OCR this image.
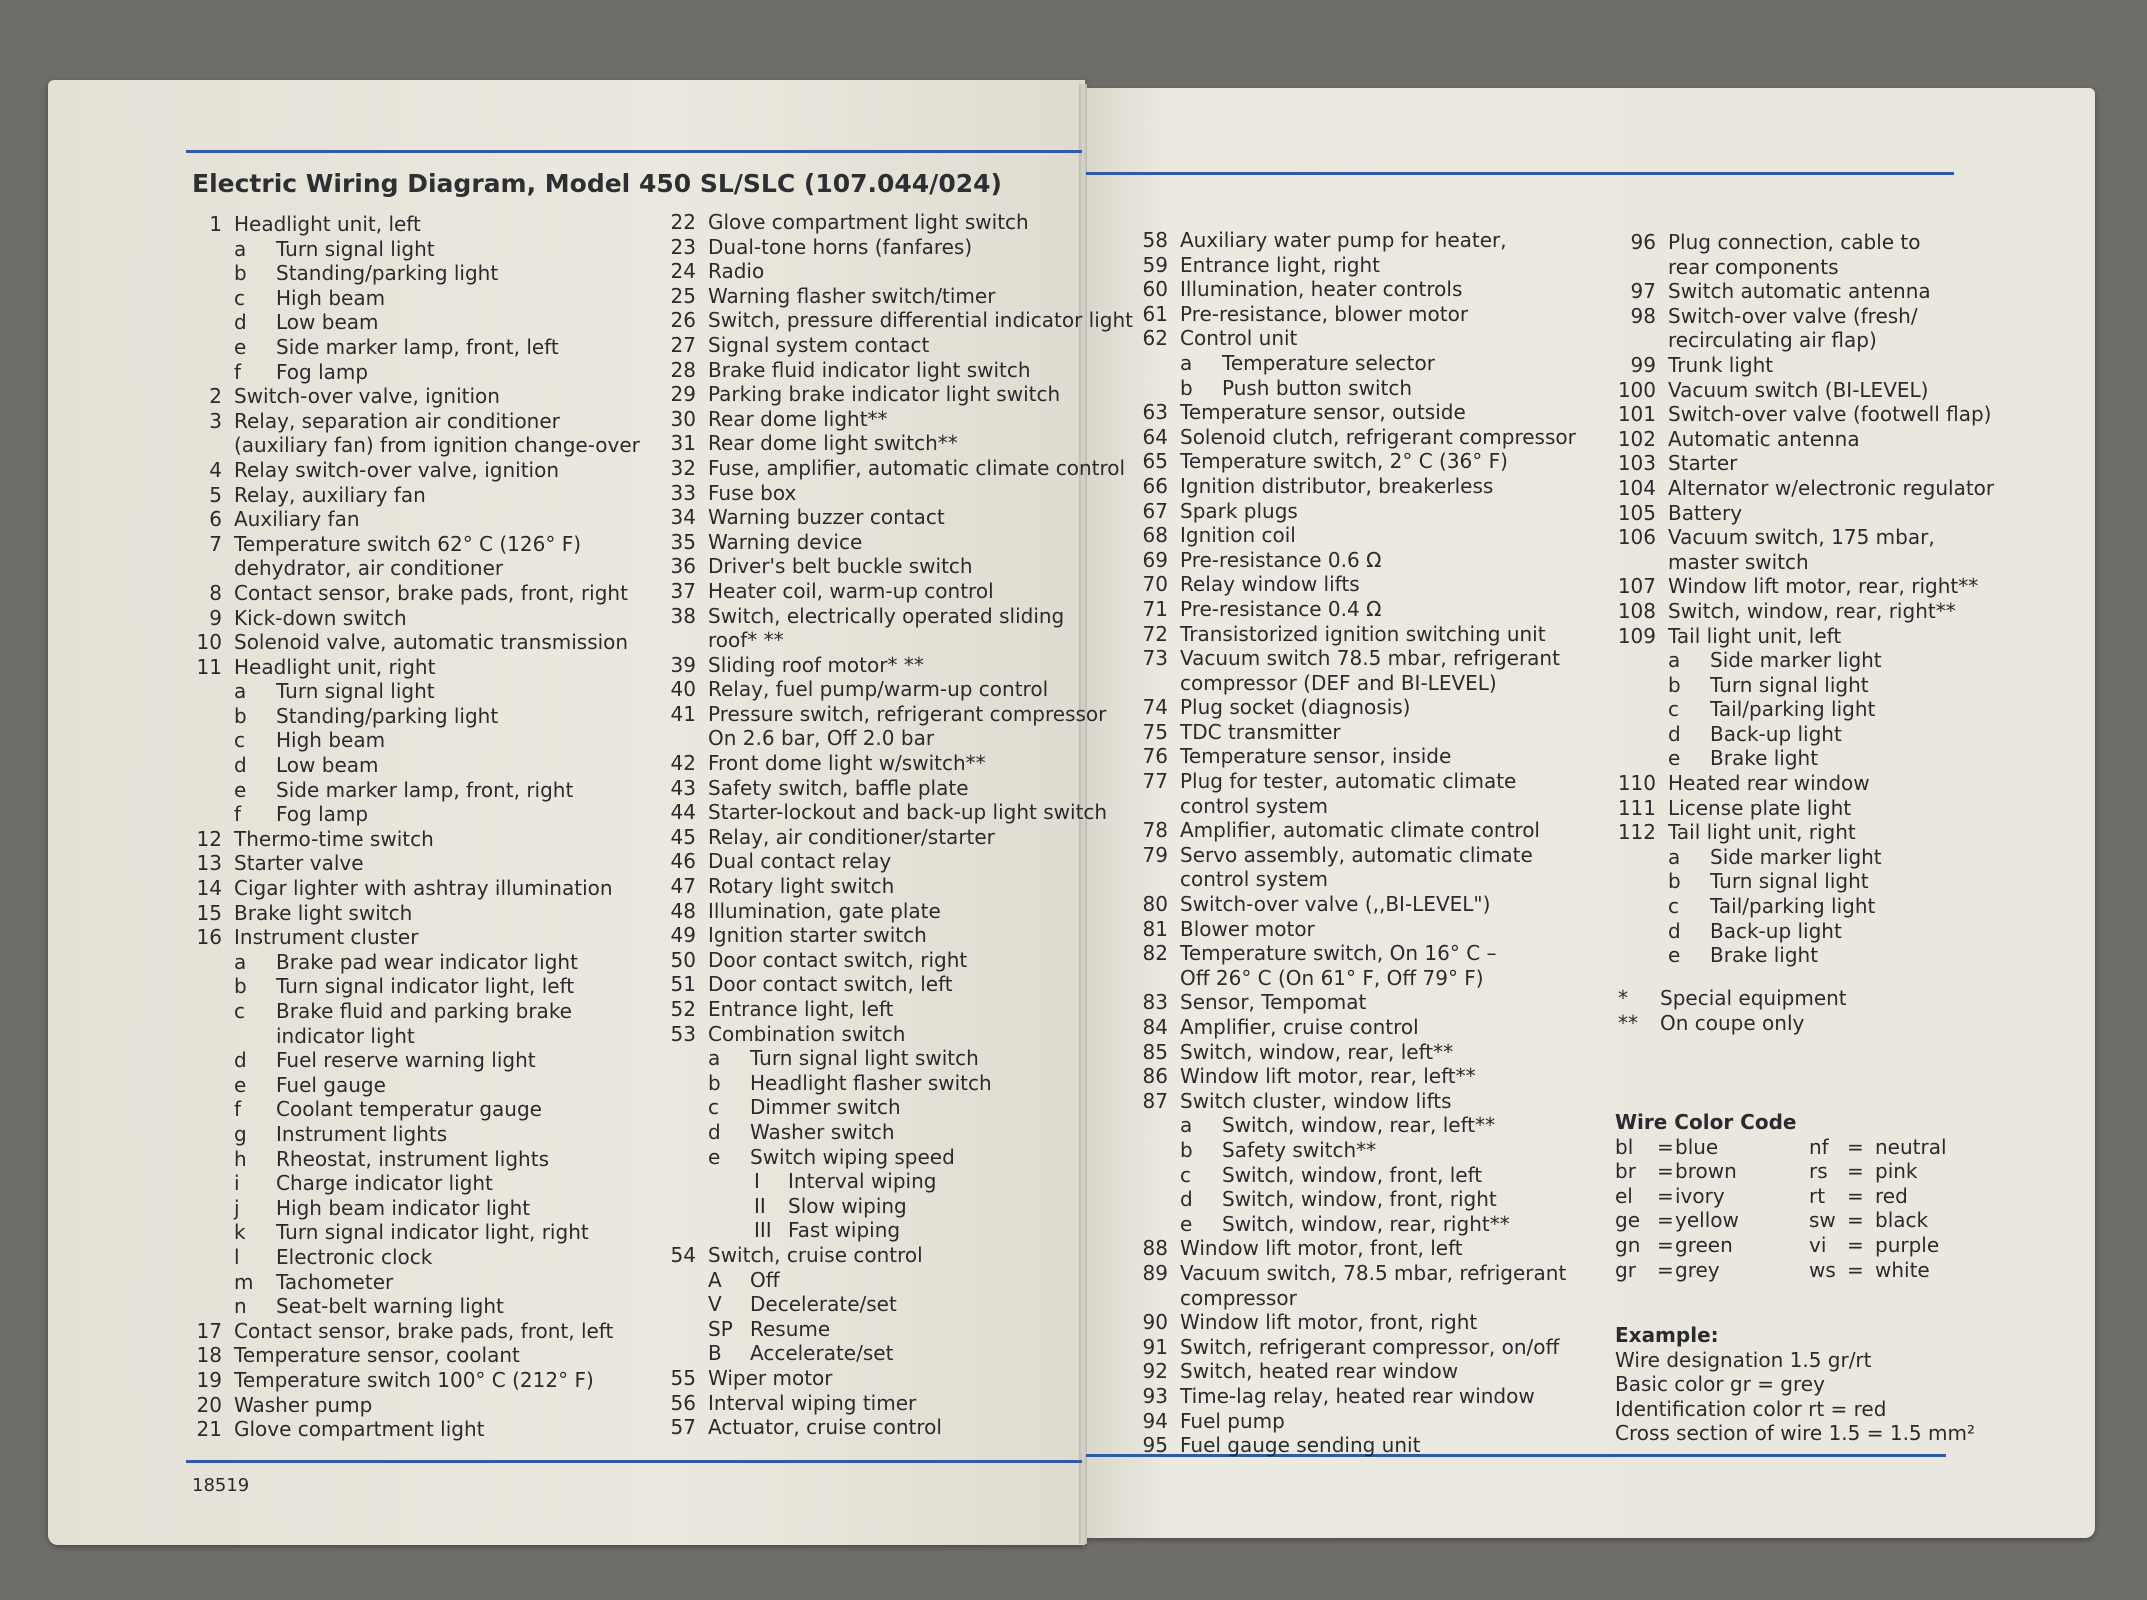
Electric Wiring Diagram, Model 450 SL/SLC (107.044/024)
1 Headlight unit, left
a Turn signal light
b Standing/parking light
c High beam
d Low beam
e Side marker lamp, front, left
f Fog lamp
2 Switch-over valve, ignition
3 Relay, separation air conditioner
(auxiliary fan) from ignition change-over
4 Relay switch-over valve, ignition
5 Relay, auxiliary fan
6 Auxiliary fan
7 Temperature switch 62° C (126° F)
dehydrator, air conditioner
8 Contact sensor, brake pads, front, right
9 Kick-down switch
10 Solenoid valve, automatic transmission
11 Headlight unit, right
a Turn signal light
b Standing/parking light
c High beam
d Low beam
e Side marker lamp, front, right
f Fog lamp
12 Thermo-time switch
13 Starter valve
14 Cigar lighter with ashtray illumination
15 Brake light switch
16 Instrument cluster
a Brake pad wear indicator light
b Turn signal indicator light, left
c Brake fluid and parking brake
indicator light
d Fuel reserve warning light
e Fuel gauge
f Coolant temperatur gauge
g Instrument lights
h Rheostat, instrument lights
i Charge indicator light
j High beam indicator light
k Turn signal indicator light, right
l Electronic clock
m Tachometer
n Seat-belt warning light
17 Contact sensor, brake pads, front, left
18 Temperature sensor, coolant
19 Temperature switch 100° C (212° F)
20 Washer pump
21 Glove compartment light
22 Glove compartment light switch
23 Dual-tone horns (fanfares)
24 Radio
25 Warning flasher switch/timer
26 Switch, pressure differential indicator light
27 Signal system contact
28 Brake fluid indicator light switch
29 Parking brake indicator light switch
30 Rear dome light**
31 Rear dome light switch**
32 Fuse, amplifier, automatic climate control
33 Fuse box
34 Warning buzzer contact
35 Warning device
36 Driver's belt buckle switch
37 Heater coil, warm-up control
38 Switch, electrically operated sliding
roof* **
39 Sliding roof motor* **
40 Relay, fuel pump/warm-up control
41 Pressure switch, refrigerant compressor
On 2.6 bar, Off 2.0 bar
42 Front dome light w/switch**
43 Safety switch, baffle plate
44 Starter-lockout and back-up light switch
45 Relay, air conditioner/starter
46 Dual contact relay
47 Rotary light switch
48 Illumination, gate plate
49 Ignition starter switch
50 Door contact switch, right
51 Door contact switch, left
52 Entrance light, left
53 Combination switch
a Turn signal light switch
b Headlight flasher switch
c Dimmer switch
d Washer switch
e Switch wiping speed
I Interval wiping
II Slow wiping
III Fast wiping
54 Switch, cruise control
A Off
V Decelerate/set
SP Resume
B Accelerate/set
55 Wiper motor
56 Interval wiping timer
57 Actuator, cruise control
58 Auxiliary water pump for heater,
59 Entrance light, right
60 Illumination, heater controls
61 Pre-resistance, blower motor
62 Control unit
a Temperature selector
b Push button switch
63 Temperature sensor, outside
64 Solenoid clutch, refrigerant compressor
65 Temperature switch, 2° C (36° F)
66 Ignition distributor, breakerless
67 Spark plugs
68 Ignition coil
69 Pre-resistance 0.6 Ω
70 Relay window lifts
71 Pre-resistance 0.4 Ω
72 Transistorized ignition switching unit
73 Vacuum switch 78.5 mbar, refrigerant
compressor (DEF and BI-LEVEL)
74 Plug socket (diagnosis)
75 TDC transmitter
76 Temperature sensor, inside
77 Plug for tester, automatic climate
control system
78 Amplifier, automatic climate control
79 Servo assembly, automatic climate
control system
80 Switch-over valve (,,BI-LEVEL")
81 Blower motor
82 Temperature switch, On 16° C –
Off 26° C (On 61° F, Off 79° F)
83 Sensor, Tempomat
84 Amplifier, cruise control
85 Switch, window, rear, left**
86 Window lift motor, rear, left**
87 Switch cluster, window lifts
a Switch, window, rear, left**
b Safety switch**
c Switch, window, front, left
d Switch, window, front, right
e Switch, window, rear, right**
88 Window lift motor, front, left
89 Vacuum switch, 78.5 mbar, refrigerant
compressor
90 Window lift motor, front, right
91 Switch, refrigerant compressor, on/off
92 Switch, heated rear window
93 Time-lag relay, heated rear window
94 Fuel pump
95 Fuel gauge sending unit
96 Plug connection, cable to
rear components
97 Switch automatic antenna
98 Switch-over valve (fresh/
recirculating air flap)
99 Trunk light
100 Vacuum switch (BI-LEVEL)
101 Switch-over valve (footwell flap)
102 Automatic antenna
103 Starter
104 Alternator w/electronic regulator
105 Battery
106 Vacuum switch, 175 mbar,
master switch
107 Window lift motor, rear, right**
108 Switch, window, rear, right**
109 Tail light unit, left
a Side marker light
b Turn signal light
c Tail/parking light
d Back-up light
e Brake light
110 Heated rear window
111 License plate light
112 Tail light unit, right
a Side marker light
b Turn signal light
c Tail/parking light
d Back-up light
e Brake light
* Special equipment
** On coupe only
Wire Color Code
bl = blue	nf = neutral
br = brown	rs = pink
el = ivory	rt = red
ge = yellow	sw = black
gn = green	vi = purple
gr = grey	ws = white
Example:
Wire designation 1.5 gr/rt
Basic color gr = grey
Identification color rt = red
Cross section of wire 1.5 = 1.5 mm²
18519
